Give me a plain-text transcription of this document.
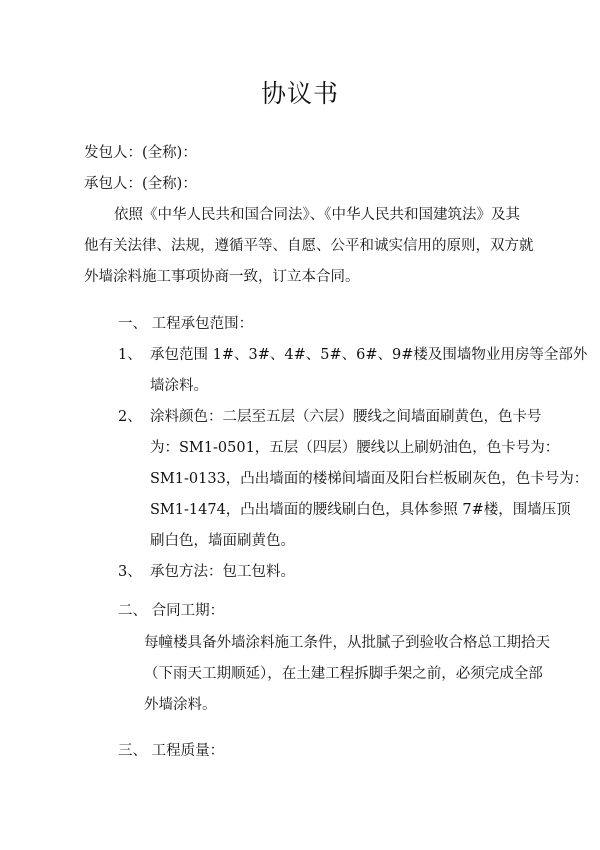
协议书
发包人：(全称)：
承包人：(全称)：
依照《中华人民共和国合同法》、《中华人民共和国建筑法》及其
他有关法律、法规，遵循平等、自愿、公平和诚实信用的原则，双方就
外墙涂料施工事项协商一致，订立本合同。
一、 工程承包范围：
1、 承包范围 1#、3#、4#、5#、6#、9#楼及围墙物业用房等全部外
墙涂料。
2、 涂料颜色：二层至五层（六层）腰线之间墙面刷黄色，色卡号
为：SM1-0501，五层（四层）腰线以上刷奶油色，色卡号为：
SM1-0133，凸出墙面的楼梯间墙面及阳台栏板刷灰色，色卡号为：
SM1-1474，凸出墙面的腰线刷白色，具体参照 7#楼，围墙压顶
刷白色，墙面刷黄色。
3、 承包方法：包工包料。
二、 合同工期：
每幢楼具备外墙涂料施工条件，从批腻子到验收合格总工期拾天
（下雨天工期顺延），在土建工程拆脚手架之前，必须完成全部
外墙涂料。
三、 工程质量：
